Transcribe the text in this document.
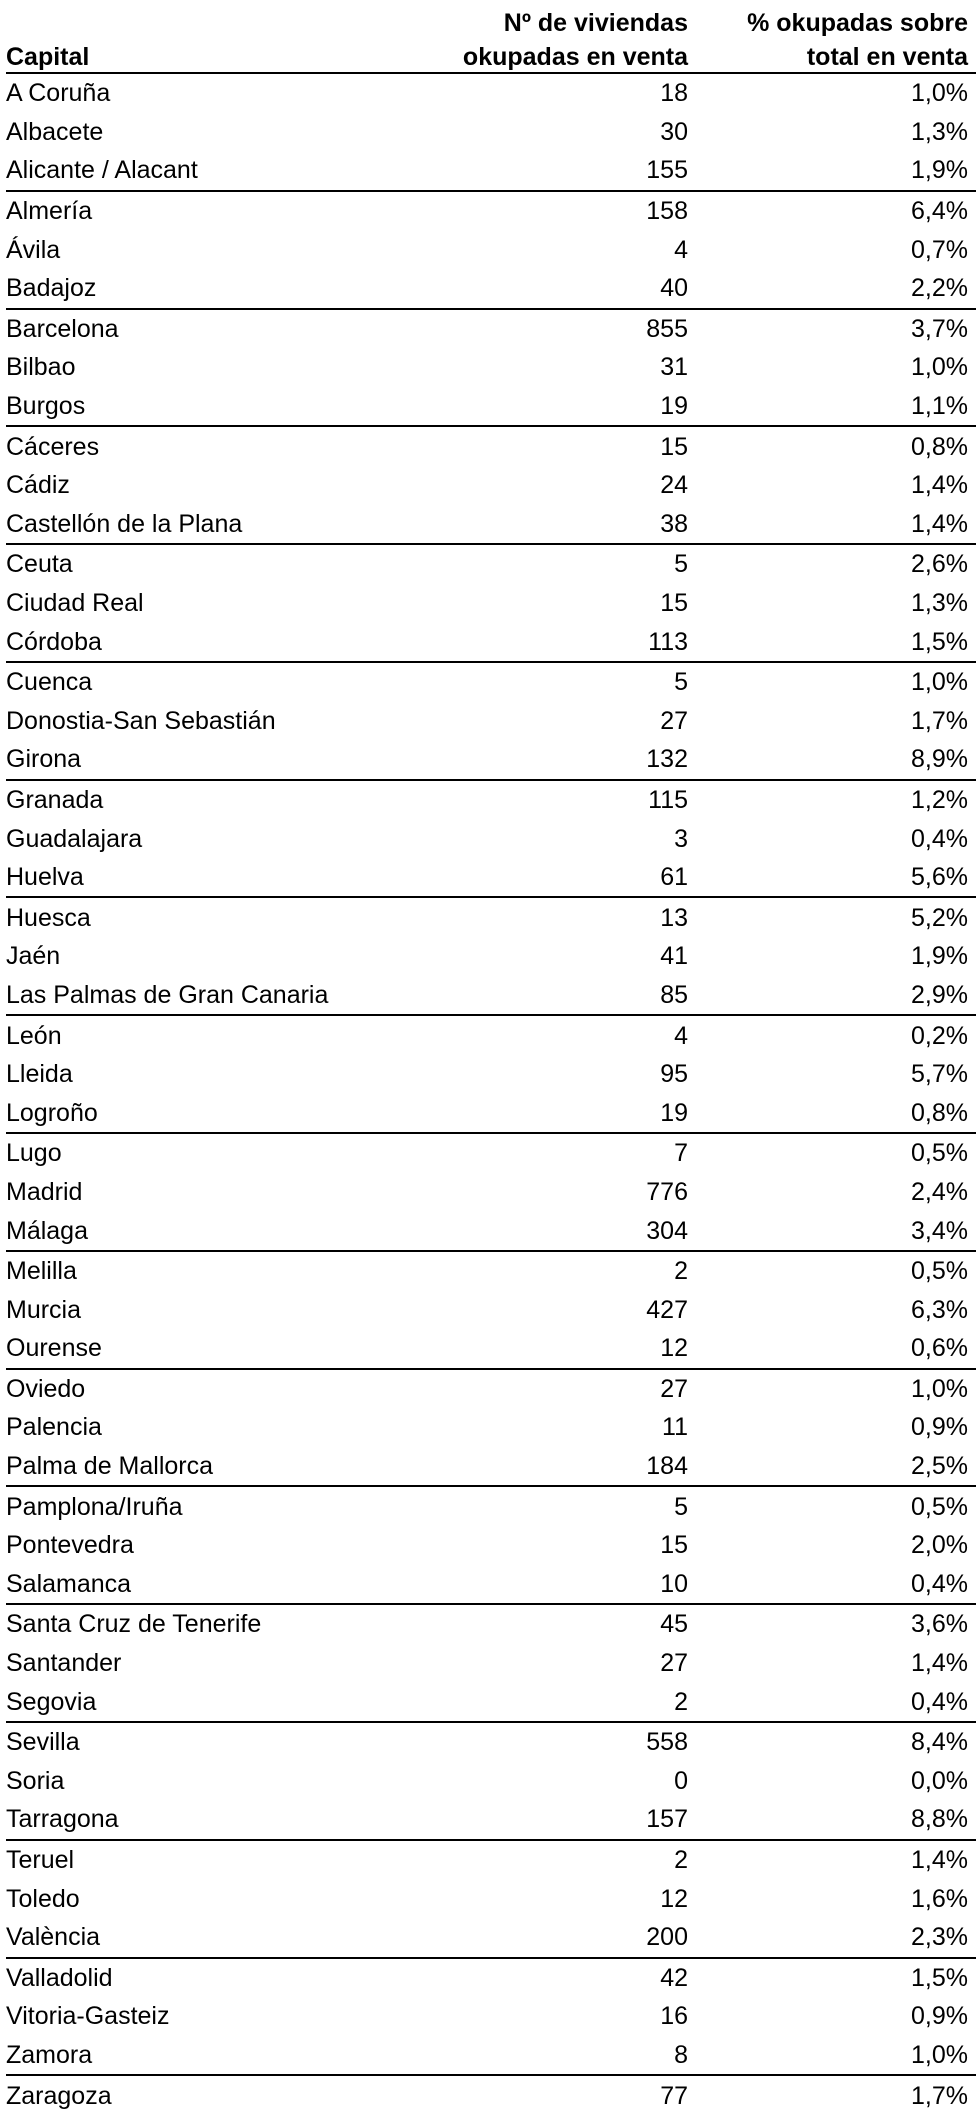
	Nº de viviendas	% okupadas sobre
Capital	okupadas en venta	total en venta
A Coruña	18	1,0%
Albacete	30	1,3%
Alicante / Alacant	155	1,9%
Almería	158	6,4%
Ávila	4	0,7%
Badajoz	40	2,2%
Barcelona	855	3,7%
Bilbao	31	1,0%
Burgos	19	1,1%
Cáceres	15	0,8%
Cádiz	24	1,4%
Castellón de la Plana	38	1,4%
Ceuta	5	2,6%
Ciudad Real	15	1,3%
Córdoba	113	1,5%
Cuenca	5	1,0%
Donostia-San Sebastián	27	1,7%
Girona	132	8,9%
Granada	115	1,2%
Guadalajara	3	0,4%
Huelva	61	5,6%
Huesca	13	5,2%
Jaén	41	1,9%
Las Palmas de Gran Canaria	85	2,9%
León	4	0,2%
Lleida	95	5,7%
Logroño	19	0,8%
Lugo	7	0,5%
Madrid	776	2,4%
Málaga	304	3,4%
Melilla	2	0,5%
Murcia	427	6,3%
Ourense	12	0,6%
Oviedo	27	1,0%
Palencia	11	0,9%
Palma de Mallorca	184	2,5%
Pamplona/Iruña	5	0,5%
Pontevedra	15	2,0%
Salamanca	10	0,4%
Santa Cruz de Tenerife	45	3,6%
Santander	27	1,4%
Segovia	2	0,4%
Sevilla	558	8,4%
Soria	0	0,0%
Tarragona	157	8,8%
Teruel	2	1,4%
Toledo	12	1,6%
València	200	2,3%
Valladolid	42	1,5%
Vitoria-Gasteiz	16	0,9%
Zamora	8	1,0%
Zaragoza	77	1,7%
